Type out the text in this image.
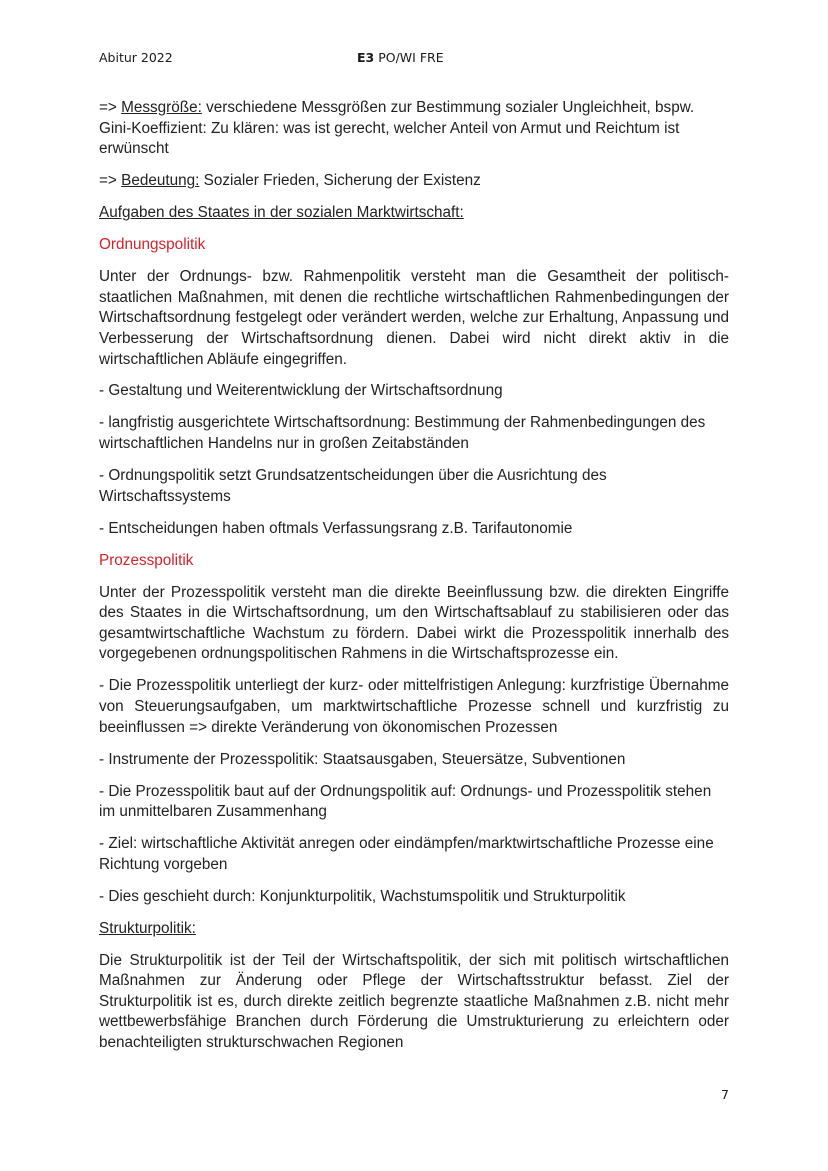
Abitur 2022	E3 PO/WI FRE

=> Messgröße: verschiedene Messgrößen zur Bestimmung sozialer Ungleichheit, bspw. Gini-Koeffizient: Zu klären: was ist gerecht, welcher Anteil von Armut und Reichtum ist erwünscht

=> Bedeutung: Sozialer Frieden, Sicherung der Existenz

Aufgaben des Staates in der sozialen Marktwirtschaft:

Ordnungspolitik

Unter der Ordnungs- bzw. Rahmenpolitik versteht man die Gesamtheit der politisch-staatlichen Maßnahmen, mit denen die rechtliche wirtschaftlichen Rahmenbedingungen der Wirtschaftsordnung festgelegt oder verändert werden, welche zur Erhaltung, Anpassung und Verbesserung der Wirtschaftsordnung dienen. Dabei wird nicht direkt aktiv in die wirtschaftlichen Abläufe eingegriffen.

- Gestaltung und Weiterentwicklung der Wirtschaftsordnung

- langfristig ausgerichtete Wirtschaftsordnung: Bestimmung der Rahmenbedingungen des wirtschaftlichen Handelns nur in großen Zeitabständen

- Ordnungspolitik setzt Grundsatzentscheidungen über die Ausrichtung des Wirtschaftssystems

- Entscheidungen haben oftmals Verfassungsrang z.B. Tarifautonomie

Prozesspolitik

Unter der Prozesspolitik versteht man die direkte Beeinflussung bzw. die direkten Eingriffe des Staates in die Wirtschaftsordnung, um den Wirtschaftsablauf zu stabilisieren oder das gesamtwirtschaftliche Wachstum zu fördern. Dabei wirkt die Prozesspolitik innerhalb des vorgegebenen ordnungspolitischen Rahmens in die Wirtschaftsprozesse ein.

- Die Prozesspolitik unterliegt der kurz- oder mittelfristigen Anlegung: kurzfristige Übernahme von Steuerungsaufgaben, um marktwirtschaftliche Prozesse schnell und kurzfristig zu beeinflussen => direkte Veränderung von ökonomischen Prozessen

- Instrumente der Prozesspolitik: Staatsausgaben, Steuersätze, Subventionen

- Die Prozesspolitik baut auf der Ordnungspolitik auf: Ordnungs- und Prozesspolitik stehen im unmittelbaren Zusammenhang

- Ziel: wirtschaftliche Aktivität anregen oder eindämpfen/marktwirtschaftliche Prozesse eine Richtung vorgeben

- Dies geschieht durch: Konjunkturpolitik, Wachstumspolitik und Strukturpolitik

Strukturpolitik:

Die Strukturpolitik ist der Teil der Wirtschaftspolitik, der sich mit politisch wirtschaftlichen Maßnahmen zur Änderung oder Pflege der Wirtschaftsstruktur befasst. Ziel der Strukturpolitik ist es, durch direkte zeitlich begrenzte staatliche Maßnahmen z.B. nicht mehr wettbewerbsfähige Branchen durch Förderung die Umstrukturierung zu erleichtern oder benachteiligten strukturschwachen Regionen

7
